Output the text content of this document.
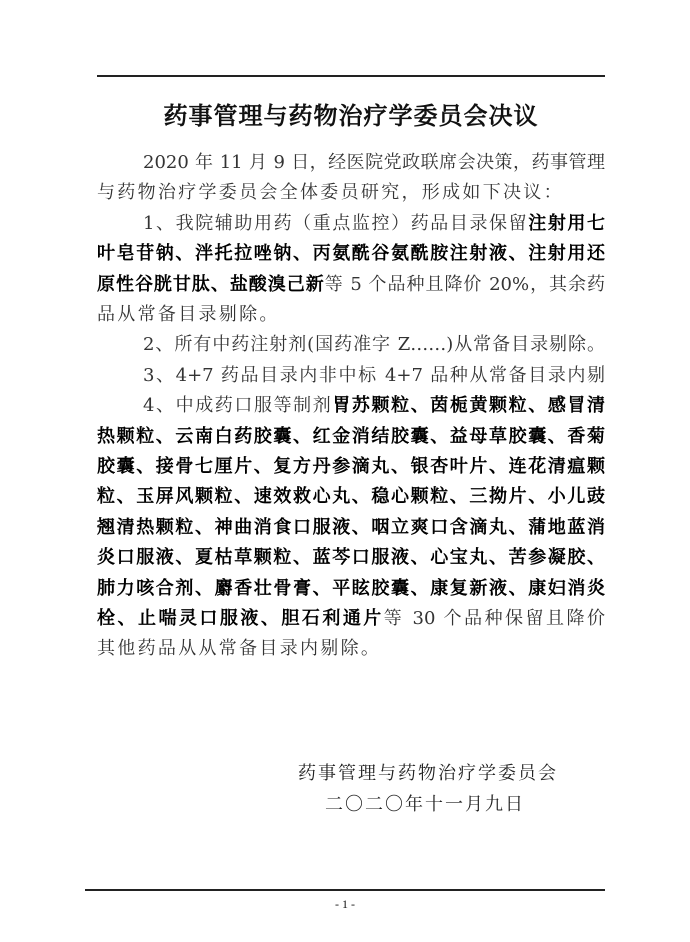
药事管理与药物治疗学委员会决议
2020 年 11 月 9 日，经医院党政联席会决策，药事管理
与药物治疗学委员会全体委员研究，形成如下决议：
1、我院辅助用药（重点监控）药品目录保留注射用七
叶皂苷钠、泮托拉唑钠、丙氨酰谷氨酰胺注射液、注射用还
原性谷胱甘肽、盐酸溴己新等 5 个品种且降价 20%，其余药
品从常备目录剔除。
2、所有中药注射剂(国药准字 Z……)从常备目录剔除。
3、4+7 药品目录内非中标 4+7 品种从常备目录内剔
4、中成药口服等制剂胃苏颗粒、茵栀黄颗粒、感冒清
热颗粒、云南白药胶囊、红金消结胶囊、益母草胶囊、香菊
胶囊、接骨七厘片、复方丹参滴丸、银杏叶片、连花清瘟颗
粒、玉屏风颗粒、速效救心丸、稳心颗粒、三拗片、小儿豉
翘清热颗粒、神曲消食口服液、咽立爽口含滴丸、蒲地蓝消
炎口服液、夏枯草颗粒、蓝芩口服液、心宝丸、苦参凝胶、
肺力咳合剂、麝香壮骨膏、平眩胶囊、康复新液、康妇消炎
栓、止喘灵口服液、胆石利通片等 30 个品种保留且降价
其他药品从从常备目录内剔除。
药事管理与药物治疗学委员会
二〇二〇年十一月九日
- 1 -
